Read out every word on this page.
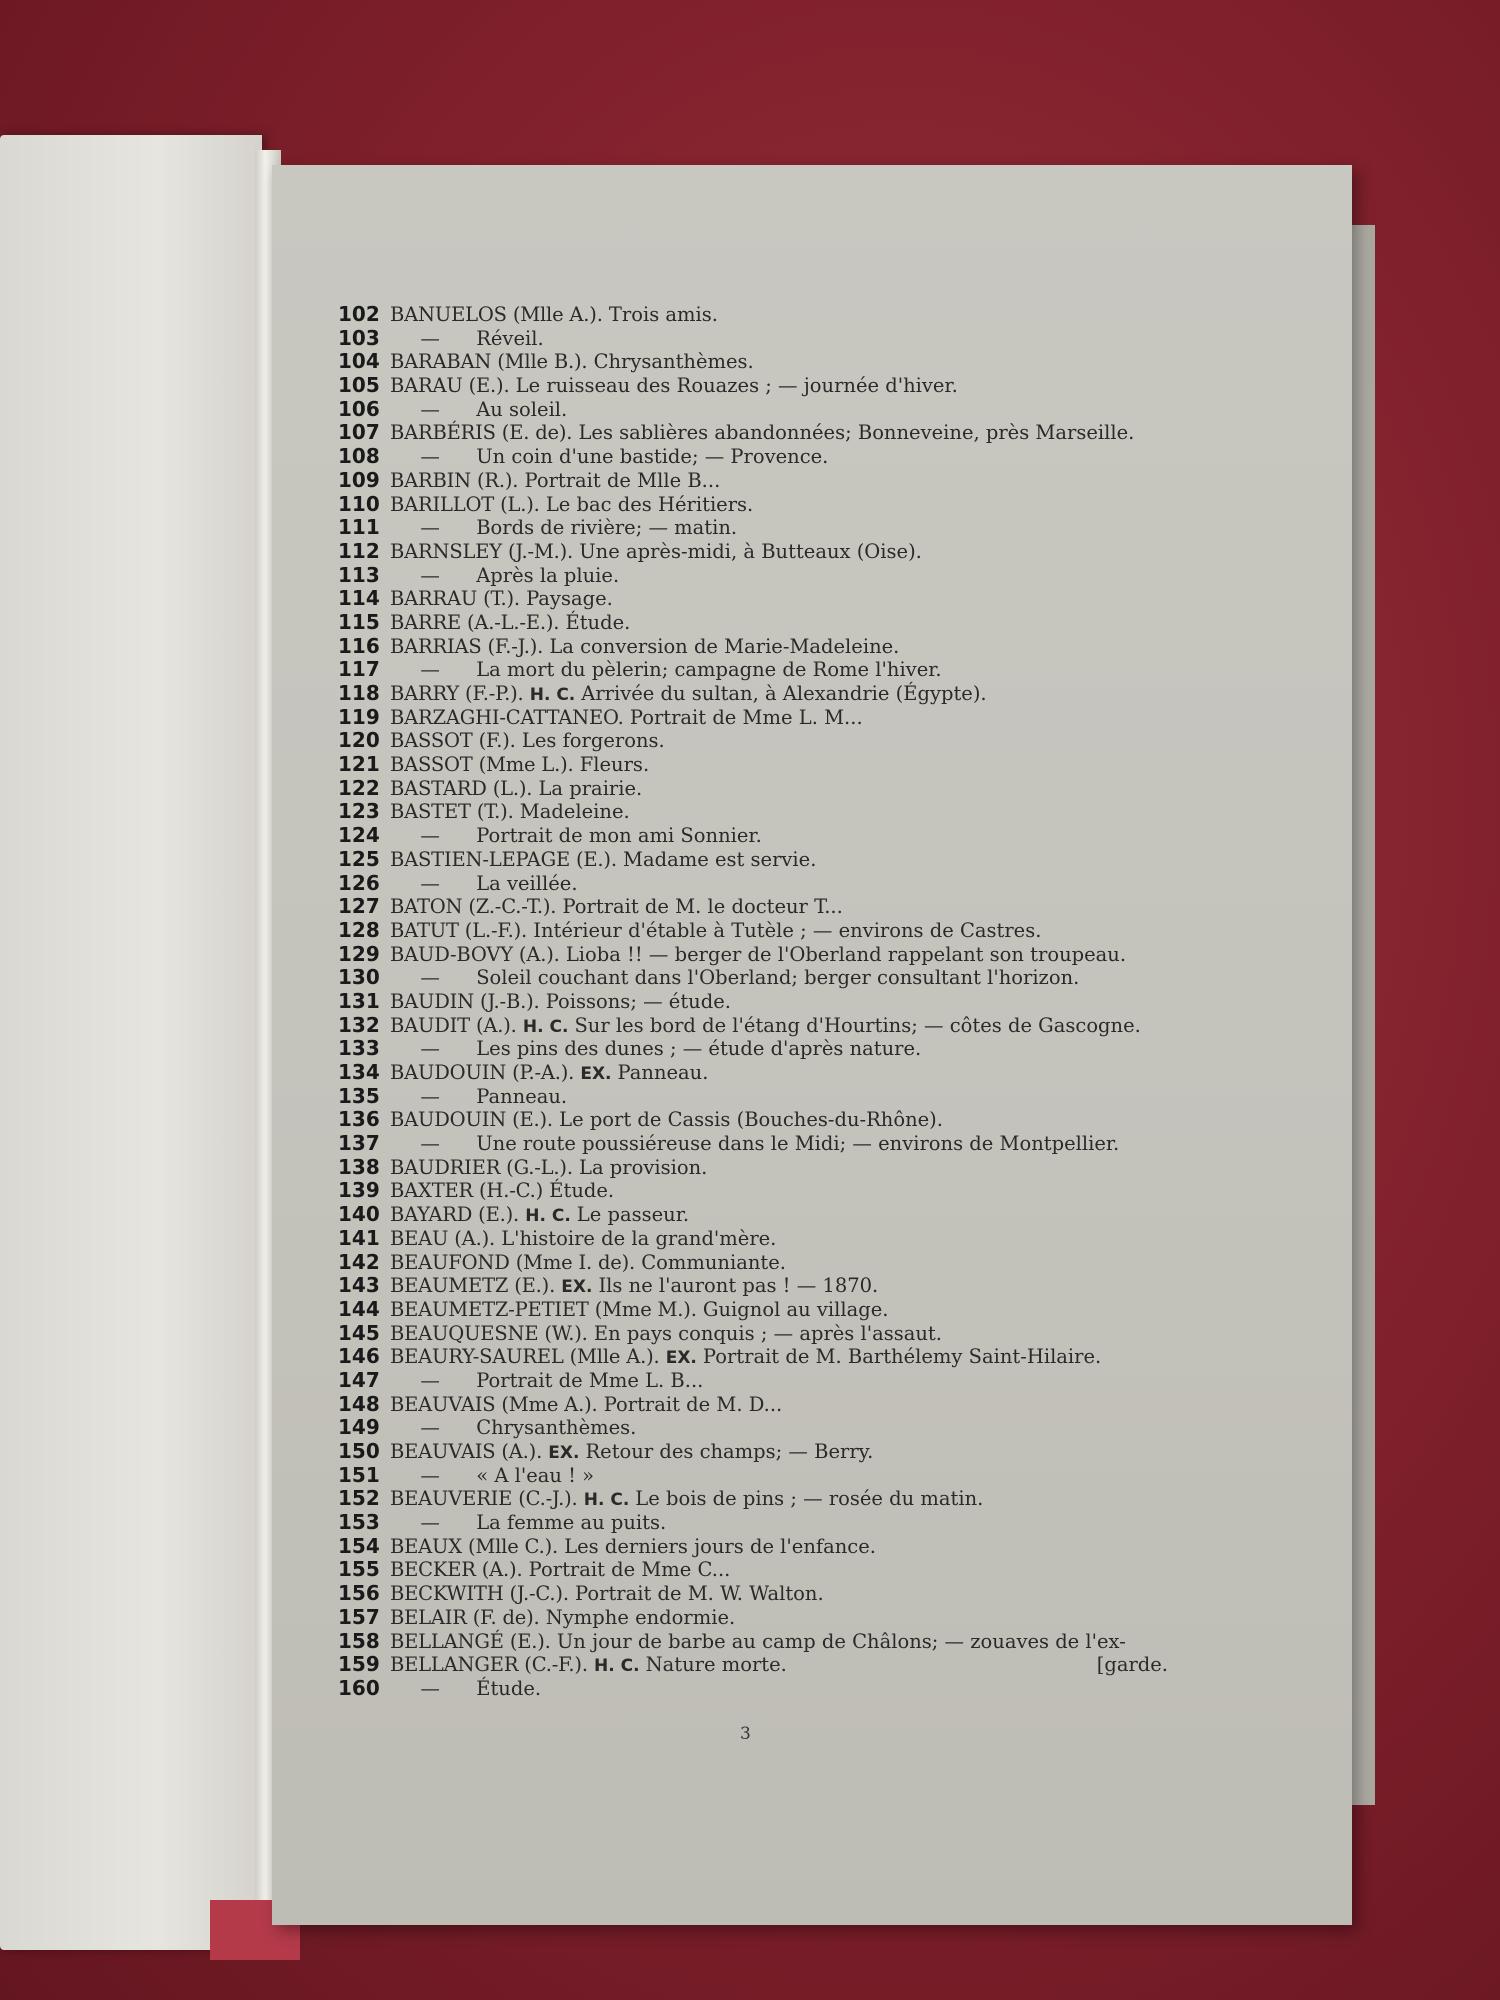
102 BANUELOS (Mlle A.). Trois amis.
103 — Réveil.
104 BARABAN (Mlle B.). Chrysanthèmes.
105 BARAU (E.). Le ruisseau des Rouazes ; — journée d'hiver.
106 — Au soleil.
107 BARBÉRIS (E. de). Les sablières abandonnées; Bonneveine, près Marseille.
108 — Un coin d'une bastide; — Provence.
109 BARBIN (R.). Portrait de Mlle B...
110 BARILLOT (L.). Le bac des Héritiers.
111 — Bords de rivière; — matin.
112 BARNSLEY (J.-M.). Une après-midi, à Butteaux (Oise).
113 — Après la pluie.
114 BARRAU (T.). Paysage.
115 BARRE (A.-L.-E.). Étude.
116 BARRIAS (F.-J.). La conversion de Marie-Madeleine.
117 — La mort du pèlerin; campagne de Rome l'hiver.
118 BARRY (F.-P.). H. C. Arrivée du sultan, à Alexandrie (Égypte).
119 BARZAGHI-CATTANEO. Portrait de Mme L. M...
120 BASSOT (F.). Les forgerons.
121 BASSOT (Mme L.). Fleurs.
122 BASTARD (L.). La prairie.
123 BASTET (T.). Madeleine.
124 — Portrait de mon ami Sonnier.
125 BASTIEN-LEPAGE (E.). Madame est servie.
126 — La veillée.
127 BATON (Z.-C.-T.). Portrait de M. le docteur T...
128 BATUT (L.-F.). Intérieur d'étable à Tutèle ; — environs de Castres.
129 BAUD-BOVY (A.). Lioba !! — berger de l'Oberland rappelant son troupeau.
130 — Soleil couchant dans l'Oberland; berger consultant l'horizon.
131 BAUDIN (J.-B.). Poissons; — étude.
132 BAUDIT (A.). H. C. Sur les bord de l'étang d'Hourtins; — côtes de Gascogne.
133 — Les pins des dunes ; — étude d'après nature.
134 BAUDOUIN (P.-A.). EX. Panneau.
135 — Panneau.
136 BAUDOUIN (E.). Le port de Cassis (Bouches-du-Rhône).
137 — Une route poussiéreuse dans le Midi; — environs de Montpellier.
138 BAUDRIER (G.-L.). La provision.
139 BAXTER (H.-C.) Étude.
140 BAYARD (E.). H. C. Le passeur.
141 BEAU (A.). L'histoire de la grand'mère.
142 BEAUFOND (Mme I. de). Communiante.
143 BEAUMETZ (E.). EX. Ils ne l'auront pas ! — 1870.
144 BEAUMETZ-PETIET (Mme M.). Guignol au village.
145 BEAUQUESNE (W.). En pays conquis ; — après l'assaut.
146 BEAURY-SAUREL (Mlle A.). EX. Portrait de M. Barthélemy Saint-Hilaire.
147 — Portrait de Mme L. B...
148 BEAUVAIS (Mme A.). Portrait de M. D...
149 — Chrysanthèmes.
150 BEAUVAIS (A.). EX. Retour des champs; — Berry.
151 — « A l'eau ! »
152 BEAUVERIE (C.-J.). H. C. Le bois de pins ; — rosée du matin.
153 — La femme au puits.
154 BEAUX (Mlle C.). Les derniers jours de l'enfance.
155 BECKER (A.). Portrait de Mme C...
156 BECKWITH (J.-C.). Portrait de M. W. Walton.
157 BELAIR (F. de). Nymphe endormie.
158 BELLANGÉ (E.). Un jour de barbe au camp de Châlons; — zouaves de l'ex-
159 BELLANGER (C.-F.). H. C. Nature morte.	[garde.
160 — Étude.
3
